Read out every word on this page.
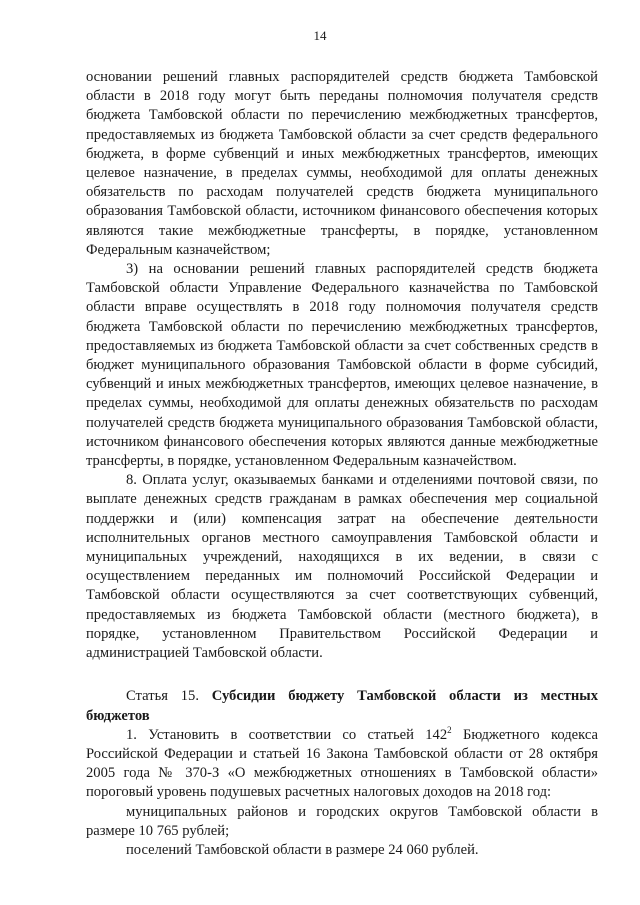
14

основании решений главных распорядителей средств бюджета Тамбовской области в 2018 году могут быть переданы полномочия получателя средств бюджета Тамбовской области по перечислению межбюджетных трансфертов, предоставляемых из бюджета Тамбовской области за счет средств федерального бюджета, в форме субвенций и иных межбюджетных трансфертов, имеющих целевое назначение, в пределах суммы, необходимой для оплаты денежных обязательств по расходам получателей средств бюджета муниципального образования Тамбовской области, источником финансового обеспечения которых являются такие межбюджетные трансферты, в порядке, установленном Федеральным казначейством;

3) на основании решений главных распорядителей средств бюджета Тамбовской области Управление Федерального казначейства по Тамбовской области вправе осуществлять в 2018 году полномочия получателя средств бюджета Тамбовской области по перечислению межбюджетных трансфертов, предоставляемых из бюджета Тамбовской области за счет собственных средств в бюджет муниципального образования Тамбовской области в форме субсидий, субвенций и иных межбюджетных трансфертов, имеющих целевое назначение, в пределах суммы, необходимой для оплаты денежных обязательств по расходам получателей средств бюджета муниципального образования Тамбовской области, источником финансового обеспечения которых являются данные межбюджетные трансферты, в порядке, установленном Федеральным казначейством.

8. Оплата услуг, оказываемых банками и отделениями почтовой связи, по выплате денежных средств гражданам в рамках обеспечения мер социальной поддержки и (или) компенсация затрат на обеспечение деятельности исполнительных органов местного самоуправления Тамбовской области и муниципальных учреждений, находящихся в их ведении, в связи с осуществлением переданных им полномочий Российской Федерации и Тамбовской области осуществляются за счет соответствующих субвенций, предоставляемых из бюджета Тамбовской области (местного бюджета), в порядке, установленном Правительством Российской Федерации и администрацией Тамбовской области.

Статья 15. Субсидии бюджету Тамбовской области из местных бюджетов

1. Установить в соответствии со статьей $142^2$ Бюджетного кодекса Российской Федерации и статьей 16 Закона Тамбовской области от 28 октября 2005 года № 370-З «О межбюджетных отношениях в Тамбовской области» пороговый уровень подушевых расчетных налоговых доходов на 2018 год:

муниципальных районов и городских округов Тамбовской области в размере 10 765 рублей;

поселений Тамбовской области в размере 24 060 рублей.
